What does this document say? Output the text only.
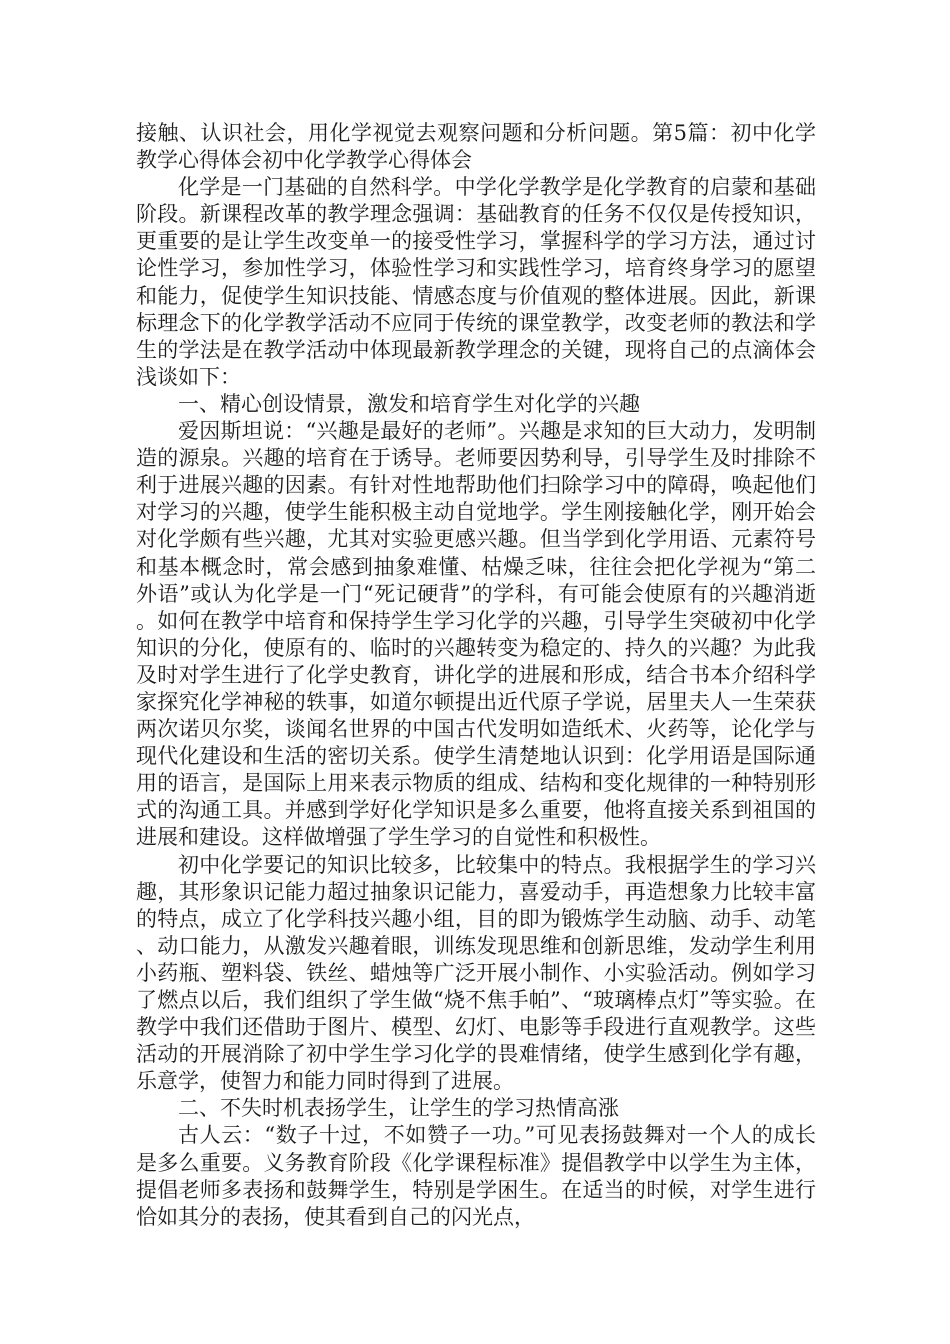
接触、认识社会，用化学视觉去观察问题和分析问题。第5篇：初中化学教学心得体会初中化学教学心得体会

化学是一门基础的自然科学。中学化学教学是化学教育的启蒙和基础阶段。新课程改革的教学理念强调：基础教育的任务不仅仅是传授知识，更重要的是让学生改变单一的接受性学习，掌握科学的学习方法，通过讨论性学习，参加性学习，体验性学习和实践性学习，培育终身学习的愿望和能力，促使学生知识技能、情感态度与价值观的整体进展。因此，新课标理念下的化学教学活动不应同于传统的课堂教学，改变老师的教法和学生的学法是在教学活动中体现最新教学理念的关键，现将自己的点滴体会浅谈如下：

一、精心创设情景，激发和培育学生对化学的兴趣

爱因斯坦说：“兴趣是最好的老师”。兴趣是求知的巨大动力，发明制造的源泉。兴趣的培育在于诱导。老师要因势利导，引导学生及时排除不利于进展兴趣的因素。有针对性地帮助他们扫除学习中的障碍，唤起他们对学习的兴趣，使学生能积极主动自觉地学。学生刚接触化学，刚开始会对化学颇有些兴趣，尤其对实验更感兴趣。但当学到化学用语、元素符号和基本概念时，常会感到抽象难懂、枯燥乏味，往往会把化学视为“第二外语”或认为化学是一门“死记硬背”的学科，有可能会使原有的兴趣消逝。如何在教学中培育和保持学生学习化学的兴趣，引导学生突破初中化学知识的分化，使原有的、临时的兴趣转变为稳定的、持久的兴趣？为此我及时对学生进行了化学史教育，讲化学的进展和形成，结合书本介绍科学家探究化学神秘的轶事，如道尔顿提出近代原子学说，居里夫人一生荣获两次诺贝尔奖，谈闻名世界的中国古代发明如造纸术、火药等，论化学与现代化建设和生活的密切关系。使学生清楚地认识到：化学用语是国际通用的语言，是国际上用来表示物质的组成、结构和变化规律的一种特别形式的沟通工具。并感到学好化学知识是多么重要，他将直接关系到祖国的进展和建设。这样做增强了学生学习的自觉性和积极性。

初中化学要记的知识比较多，比较集中的特点。我根据学生的学习兴趣，其形象识记能力超过抽象识记能力，喜爱动手，再造想象力比较丰富的特点，成立了化学科技兴趣小组，目的即为锻炼学生动脑、动手、动笔、动口能力，从激发兴趣着眼，训练发现思维和创新思维，发动学生利用小药瓶、塑料袋、铁丝、蜡烛等广泛开展小制作、小实验活动。例如学习了燃点以后，我们组织了学生做“烧不焦手帕”、“玻璃棒点灯”等实验。在教学中我们还借助于图片、模型、幻灯、电影等手段进行直观教学。这些活动的开展消除了初中学生学习化学的畏难情绪，使学生感到化学有趣，乐意学，使智力和能力同时得到了进展。

二、不失时机表扬学生，让学生的学习热情高涨

古人云：“数子十过，不如赞子一功。”可见表扬鼓舞对一个人的成长是多么重要。义务教育阶段《化学课程标准》提倡教学中以学生为主体，提倡老师多表扬和鼓舞学生，特别是学困生。在适当的时候，对学生进行恰如其分的表扬，使其看到自己的闪光点，
